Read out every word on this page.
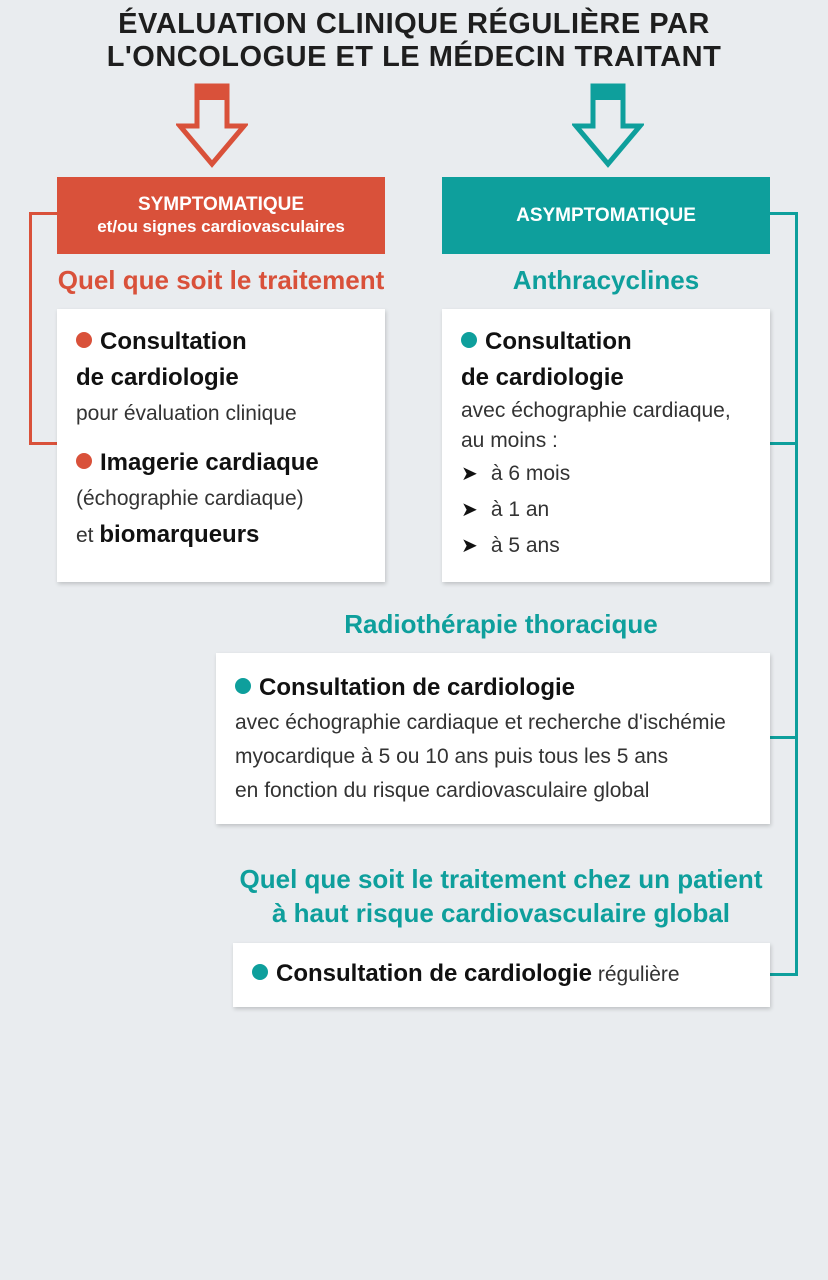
ÉVALUATION CLINIQUE RÉGULIÈRE PAR
L'ONCOLOGUE ET LE MÉDECIN TRAITANT
SYMPTOMATIQUE
et/ou signes cardiovasculaires
ASYMPTOMATIQUE
Quel que soit le traitement	Anthracyclines
Consultation
de cardiologie
pour évaluation clinique
Imagerie cardiaque
(échographie cardiaque)
et biomarqueurs
Consultation
de cardiologie
avec échographie cardiaque,
au moins :
➤ à 6 mois
➤ à 1 an
➤ à 5 ans
Radiothérapie thoracique
Consultation de cardiologie
avec échographie cardiaque et recherche d'ischémie
myocardique à 5 ou 10 ans puis tous les 5 ans
en fonction du risque cardiovasculaire global
Quel que soit le traitement chez un patient
à haut risque cardiovasculaire global
Consultation de cardiologie régulière
